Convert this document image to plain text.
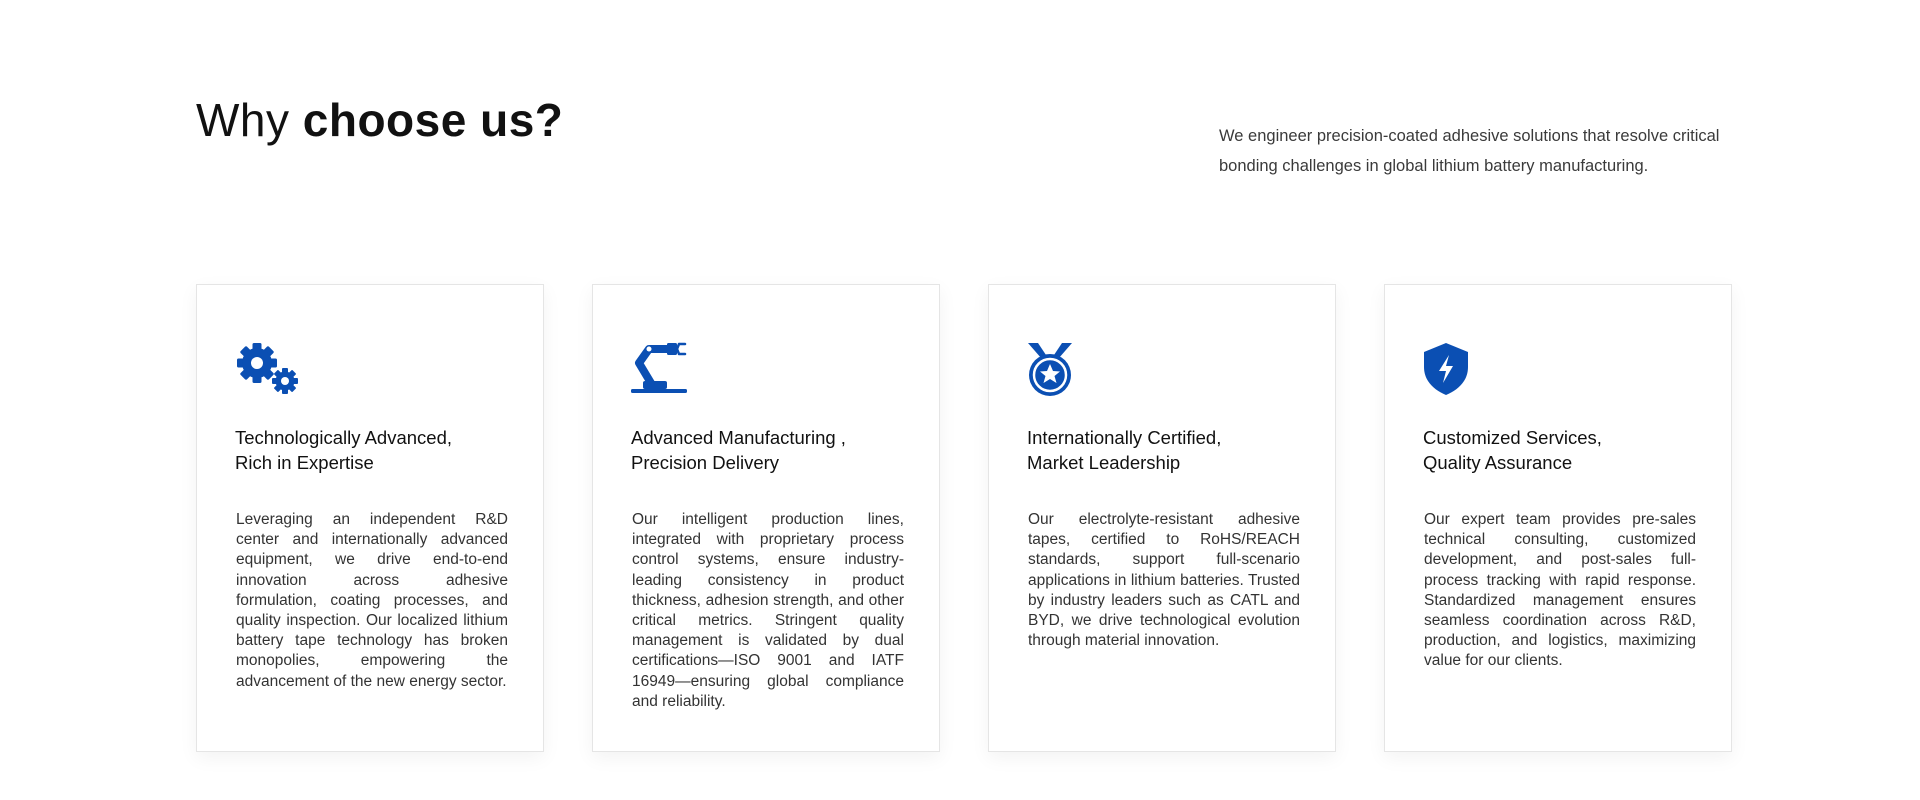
Why choose us?	We engineer precision-coated adhesive solutions that resolve critical bonding challenges in global lithium battery manufacturing.

Technologically Advanced,
Rich in Expertise

Leveraging an independent R&D center and internationally advanced equipment, we drive end-to-end innovation across adhesive formulation, coating processes, and quality inspection. Our localized lithium battery tape technology has broken monopolies, empowering the advancement of the new energy sector.

Advanced Manufacturing ,
Precision Delivery

Our intelligent production lines, integrated with proprietary process control systems, ensure industry-leading consistency in product thickness, adhesion strength, and other critical metrics. Stringent quality management is validated by dual certifications—ISO 9001 and IATF 16949—ensuring global compliance and reliability.

Internationally Certified,
Market Leadership

Our electrolyte-resistant adhesive tapes, certified to RoHS/REACH standards, support full-scenario applications in lithium batteries. Trusted by industry leaders such as CATL and BYD, we drive technological evolution through material innovation.

Customized Services,
Quality Assurance

Our expert team provides pre-sales technical consulting, customized development, and post-sales full-process tracking with rapid response. Standardized management ensures seamless coordination across R&D, production, and logistics, maximizing value for our clients.
